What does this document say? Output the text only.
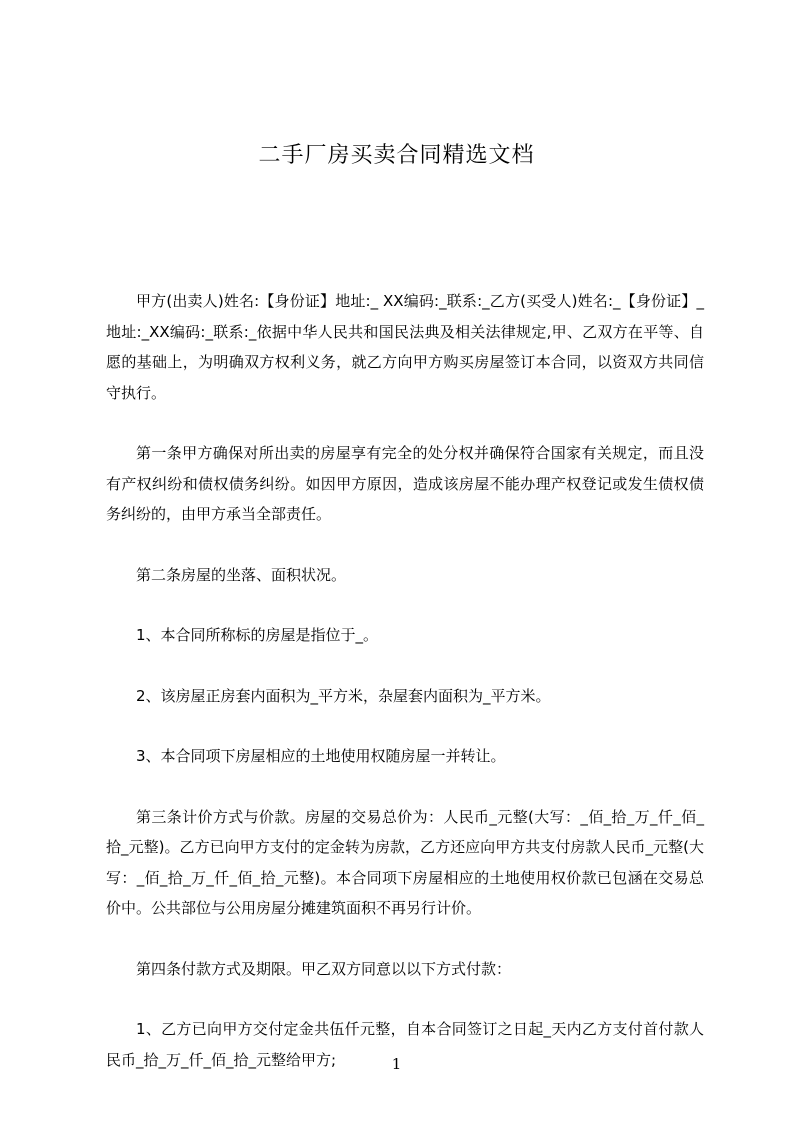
二手厂房买卖合同精选文档

甲方(出卖人)姓名:【身份证】地址:_ XX编码:_联系:_乙方(买受人)姓名:_【身份证】_地址:_XX编码:_联系:_依据中华人民共和国民法典及相关法律规定,甲、乙双方在平等、自愿的基础上，为明确双方权利义务，就乙方向甲方购买房屋签订本合同，以资双方共同信守执行。

第一条甲方确保对所出卖的房屋享有完全的处分权并确保符合国家有关规定，而且没有产权纠纷和债权债务纠纷。如因甲方原因，造成该房屋不能办理产权登记或发生债权债务纠纷的，由甲方承当全部责任。

第二条房屋的坐落、面积状况。

1、本合同所称标的房屋是指位于_。

2、该房屋正房套内面积为_平方米，杂屋套内面积为_平方米。

3、本合同项下房屋相应的土地使用权随房屋一并转让。

第三条计价方式与价款。房屋的交易总价为：人民币_元整(大写：_佰_拾_万_仟_佰_拾_元整)。乙方已向甲方支付的定金转为房款，乙方还应向甲方共支付房款人民币_元整(大写：_佰_拾_万_仟_佰_拾_元整)。本合同项下房屋相应的土地使用权价款已包涵在交易总价中。公共部位与公用房屋分摊建筑面积不再另行计价。

第四条付款方式及期限。甲乙双方同意以以下方式付款：

1、乙方已向甲方交付定金共伍仟元整，自本合同签订之日起_天内乙方支付首付款人民币_拾_万_仟_佰_拾_元整给甲方;	1
